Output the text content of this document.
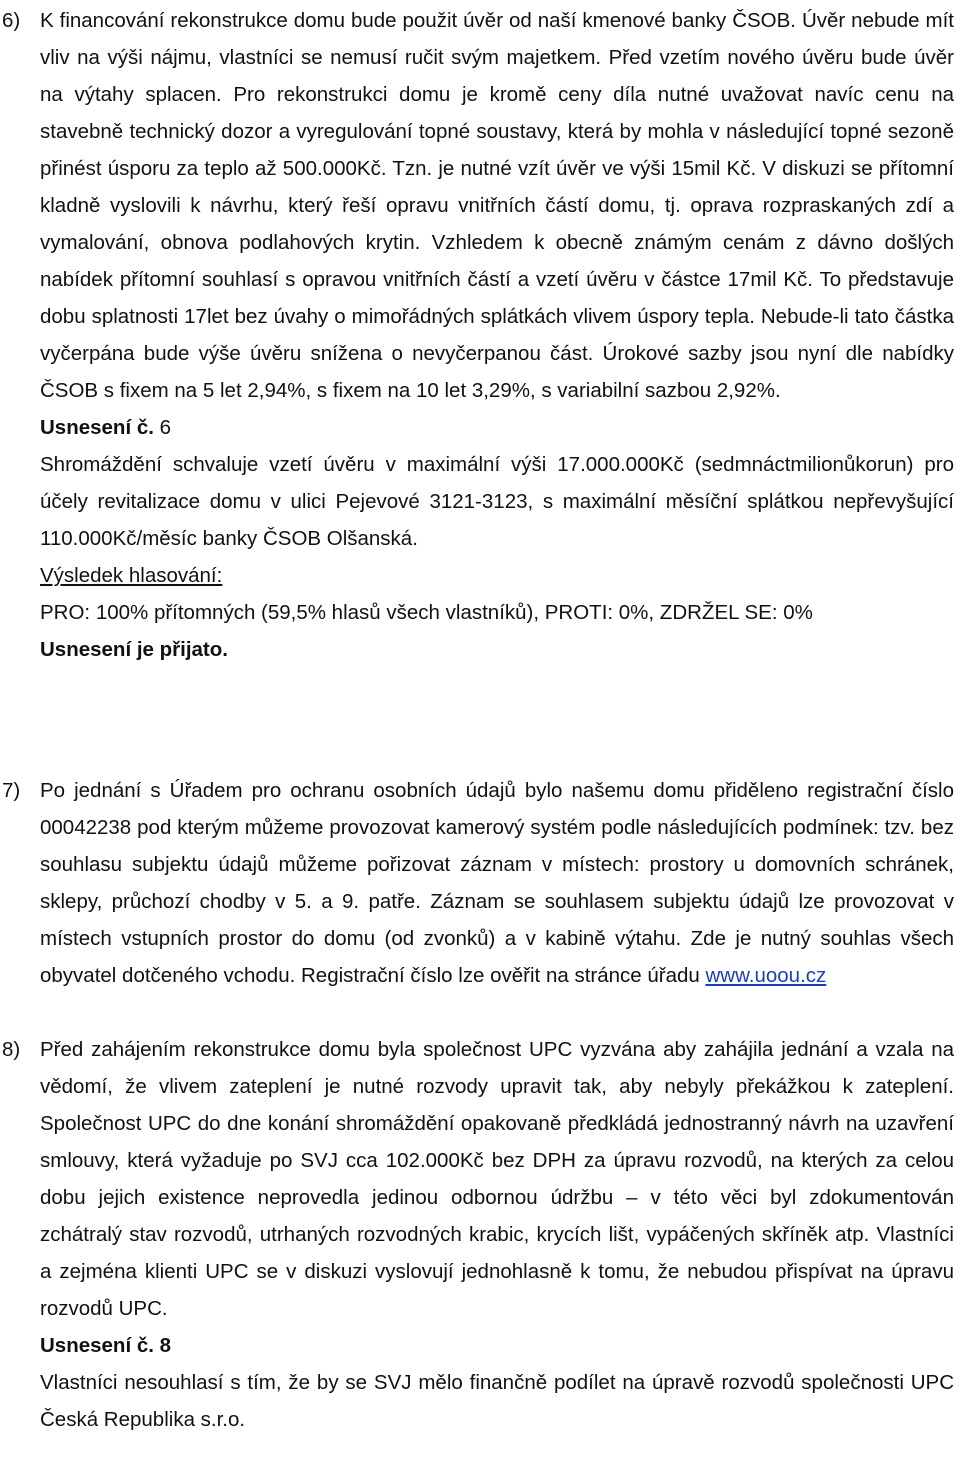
6) K financování rekonstrukce domu bude použit úvěr od naší kmenové banky ČSOB. Úvěr nebude mít vliv na výši nájmu, vlastníci se nemusí ručit svým majetkem. Před vzetím nového úvěru bude úvěr na výtahy splacen. Pro rekonstrukci domu je kromě ceny díla nutné uvažovat navíc cenu na stavebně technický dozor a vyregulování topné soustavy, která by mohla v následující topné sezoně přinést úsporu za teplo až 500.000Kč. Tzn. je nutné vzít úvěr ve výši 15mil Kč. V diskuzi se přítomní kladně vyslovili k návrhu, který řeší opravu vnitřních částí domu, tj. oprava rozpraskaných zdí a vymalování, obnova podlahových krytin. Vzhledem k obecně známým cenám z dávno došlých nabídek přítomní souhlasí s opravou vnitřních částí a vzetí úvěru v částce 17mil Kč. To představuje dobu splatnosti 17let bez úvahy o mimořádných splátkách vlivem úspory tepla. Nebude-li tato částka vyčerpána bude výše úvěru snížena o nevyčerpanou část. Úrokové sazby jsou nyní dle nabídky ČSOB s fixem na 5 let 2,94%, s fixem na 10 let 3,29%, s variabilní sazbou 2,92%.

Usnesení č. 6

Shromáždění schvaluje vzetí úvěru v maximální výši 17.000.000Kč (sedmnáctmilionůkorun) pro účely revitalizace domu v ulici Pejevové 3121-3123, s maximální měsíční splátkou nepřevyšující 110.000Kč/měsíc banky ČSOB Olšanská.

Výsledek hlasování:

PRO: 100% přítomných (59,5% hlasů všech vlastníků), PROTI: 0%, ZDRŽEL SE: 0%

Usnesení je přijato.

7) Po jednání s Úřadem pro ochranu osobních údajů bylo našemu domu přiděleno registrační číslo 00042238 pod kterým můžeme provozovat kamerový systém podle následujících podmínek: tzv. bez souhlasu subjektu údajů můžeme pořizovat záznam v místech: prostory u domovních schránek, sklepy, průchozí chodby v 5. a 9. patře. Záznam se souhlasem subjektu údajů lze provozovat v místech vstupních prostor do domu (od zvonků) a v kabině výtahu. Zde je nutný souhlas všech obyvatel dotčeného vchodu. Registrační číslo lze ověřit na stránce úřadu www.uoou.cz

8) Před zahájením rekonstrukce domu byla společnost UPC vyzvána aby zahájila jednání a vzala na vědomí, že vlivem zateplení je nutné rozvody upravit tak, aby nebyly překážkou k zateplení. Společnost UPC do dne konání shromáždění opakovaně předkládá jednostranný návrh na uzavření smlouvy, která vyžaduje po SVJ cca 102.000Kč bez DPH za úpravu rozvodů, na kterých za celou dobu jejich existence neprovedla jedinou odbornou údržbu – v této věci byl zdokumentován zchátralý stav rozvodů, utrhaných rozvodných krabic, krycích lišt, vypáčených skříněk atp. Vlastníci a zejména klienti UPC se v diskuzi vyslovují jednohlasně k tomu, že nebudou přispívat na úpravu rozvodů UPC.

Usnesení č. 8

Vlastníci nesouhlasí s tím, že by se SVJ mělo finančně podílet na úpravě rozvodů společnosti UPC Česká Republika s.r.o.
